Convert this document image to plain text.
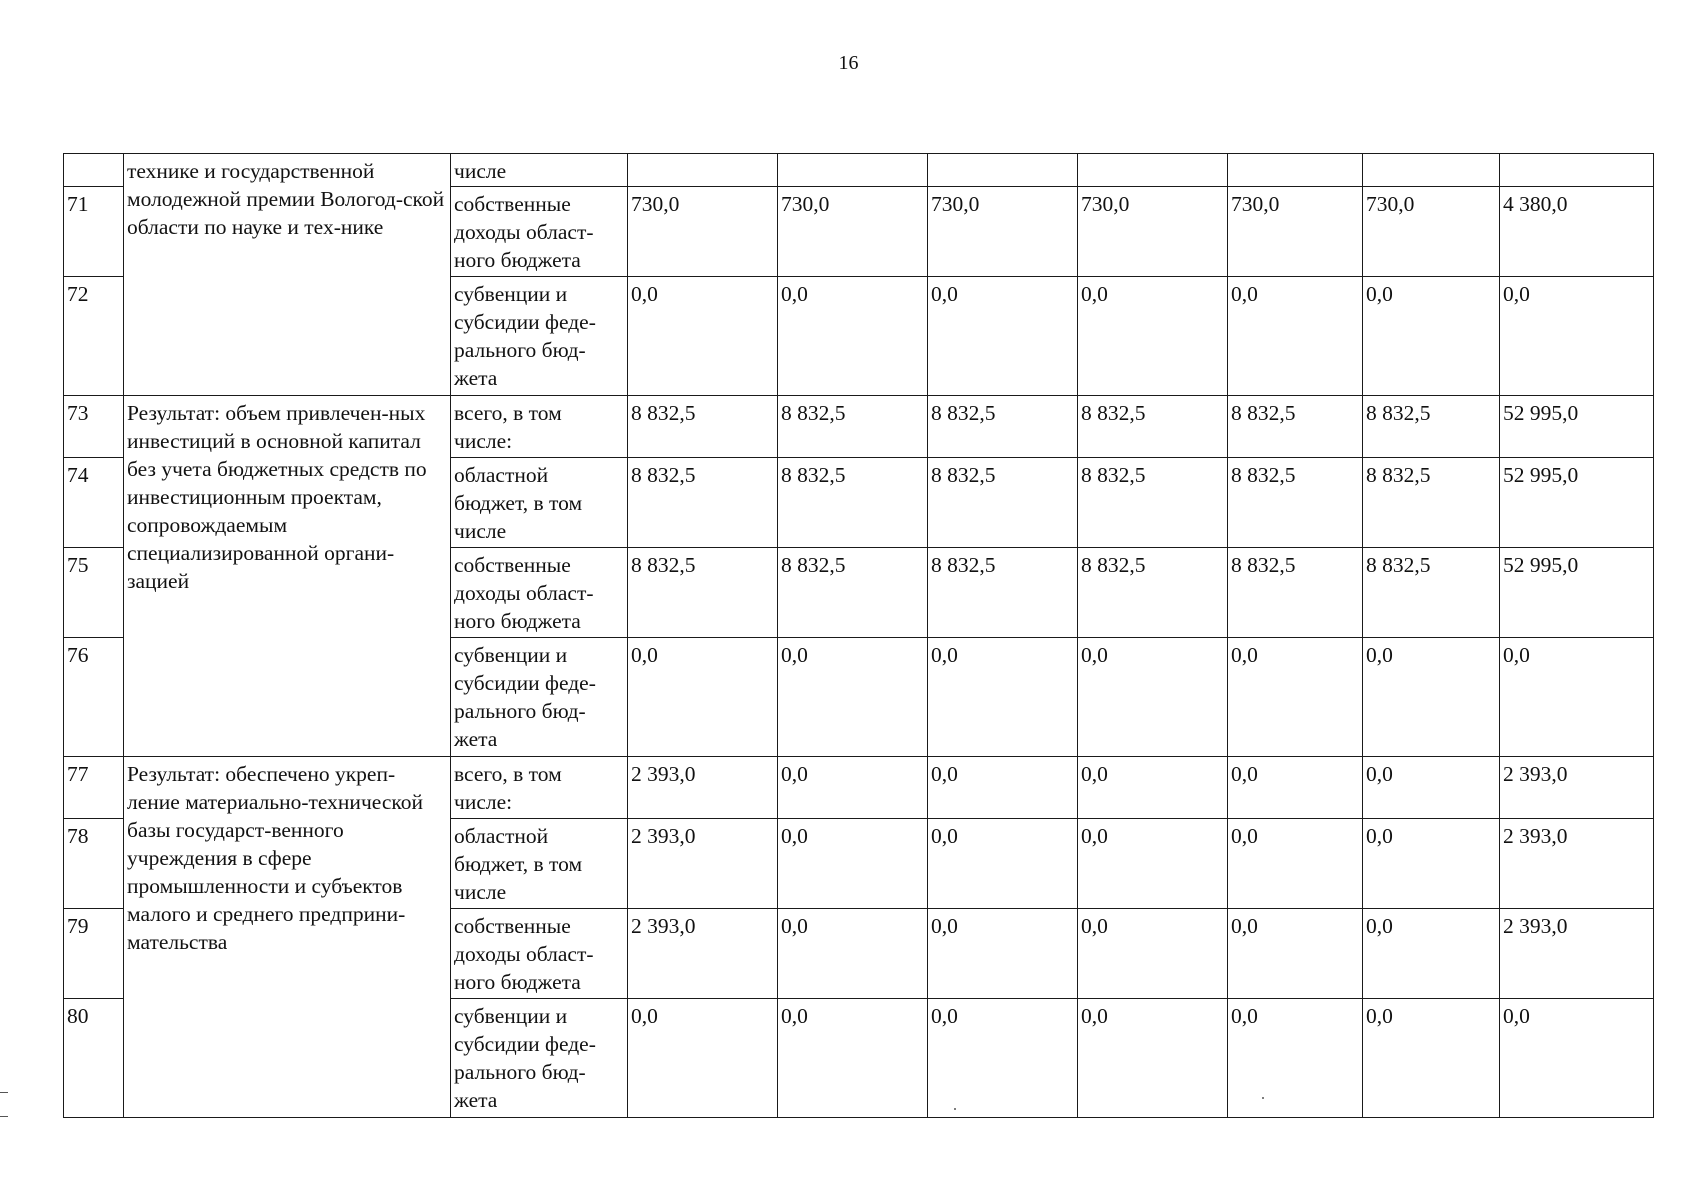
16
	технике и государственной молодежной премии Вологод-ской области по науке и тех-нике	числе							
71		собственные доходы област-ного бюджета	730,0	730,0	730,0	730,0	730,0	730,0	4 380,0
72		субвенции и субсидии феде-рального бюд-жета	0,0	0,0	0,0	0,0	0,0	0,0	0,0
73	Результат: объем привлечен-ных инвестиций в основной капитал без учета бюджетных средств по инвестиционным проектам, сопровождаемым специализированной органи-зацией	всего, в том числе:	8 832,5	8 832,5	8 832,5	8 832,5	8 832,5	8 832,5	52 995,0
74		областной бюджет, в том числе	8 832,5	8 832,5	8 832,5	8 832,5	8 832,5	8 832,5	52 995,0
75		собственные доходы област-ного бюджета	8 832,5	8 832,5	8 832,5	8 832,5	8 832,5	8 832,5	52 995,0
76		субвенции и субсидии феде-рального бюд-жета	0,0	0,0	0,0	0,0	0,0	0,0	0,0
77	Результат: обеспечено укреп-ление материально-технической базы государст-венного учреждения в сфере промышленности и субъектов малого и среднего предприни-мательства	всего, в том числе:	2 393,0	0,0	0,0	0,0	0,0	0,0	2 393,0
78		областной бюджет, в том числе	2 393,0	0,0	0,0	0,0	0,0	0,0	2 393,0
79		собственные доходы област-ного бюджета	2 393,0	0,0	0,0	0,0	0,0	0,0	2 393,0
80		субвенции и субсидии феде-рального бюд-жета	0,0	0,0	0,0	0,0	0,0	0,0	0,0
